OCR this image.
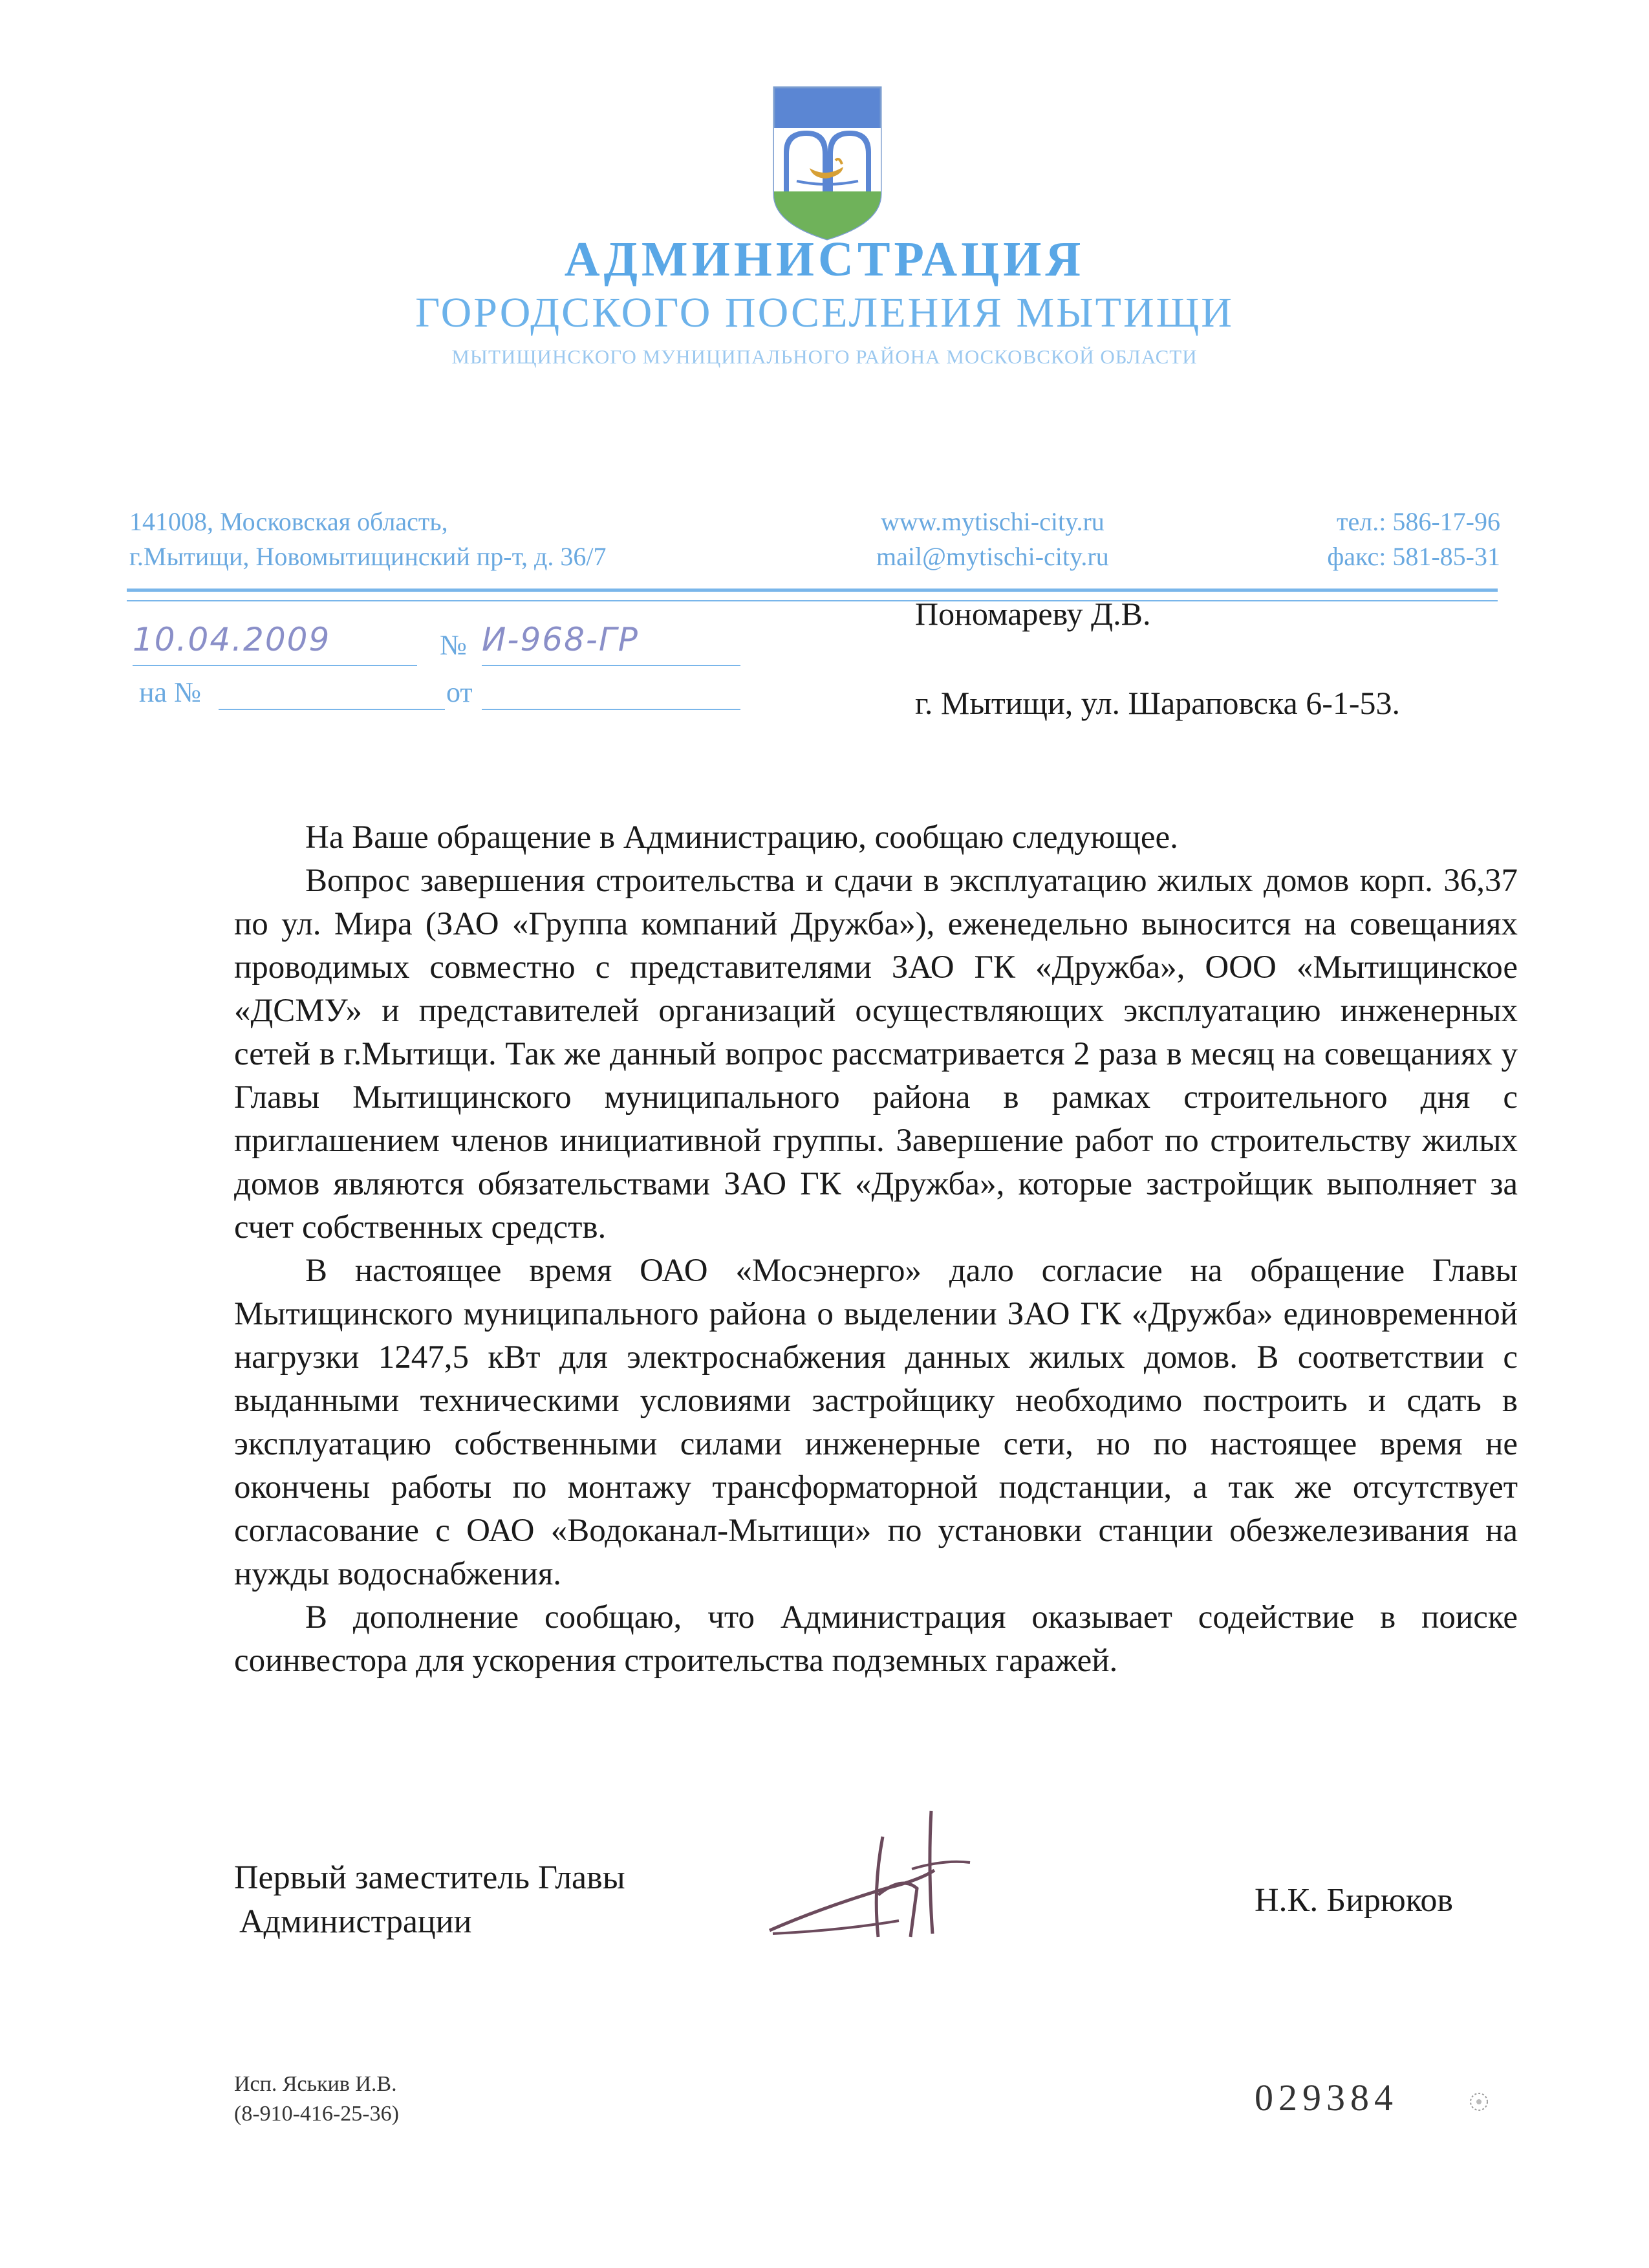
АДМИНИСТРАЦИЯ
ГОРОДСКОГО ПОСЕЛЕНИЯ МЫТИЩИ
МЫТИЩИНСКОГО МУНИЦИПАЛЬНОГО РАЙОНА МОСКОВСКОЙ ОБЛАСТИ
141008, Московская область,
г.Мытищи, Новомытищинский пр-т, д. 36/7
www.mytischi-city.ru
mail@mytischi-city.ru
тел.: 586-17-96
факс: 581-85-31
10.04.2009	№ И-968-ГР
на №	от
Пономареву Д.В.
г. Мытищи, ул. Шараповска 6-1-53.

На Ваше обращение в Администрацию, сообщаю следующее.

Вопрос завершения строительства и сдачи в эксплуатацию жилых домов корп. 36,37 по ул. Мира (ЗАО «Группа компаний Дружба»), еженедельно выносится на совещаниях проводимых совместно с представителями ЗАО ГК «Дружба», ООО «Мытищинское «ДСМУ» и представителей организаций осуществляющих эксплуатацию инженерных сетей в г.Мытищи. Так же данный вопрос рассматривается 2 раза в месяц на совещаниях у Главы Мытищинского муниципального района в рамках строительного дня с приглашением членов инициативной группы. Завершение работ по строительству жилых домов являются обязательствами ЗАО ГК «Дружба», которые застройщик выполняет за счет собственных средств.

В настоящее время ОАО «Мосэнерго» дало согласие на обращение Главы Мытищинского муниципального района о выделении ЗАО ГК «Дружба» единовременной нагрузки 1247,5 кВт для электроснабжения данных жилых домов. В соответствии с выданными техническими условиями застройщику необходимо построить и сдать в эксплуатацию собственными силами инженерные сети, но по настоящее время не окончены работы по монтажу трансформаторной подстанции, а так же отсутствует согласование с ОАО «Водоканал-Мытищи» по установки станции обезжелезивания на нужды водоснабжения.

В дополнение сообщаю, что Администрация оказывает содействие в поиске соинвестора для ускорения строительства подземных гаражей.

Первый заместитель Главы
Администрации
Н.К. Бирюков
Исп. Яськив И.В.
(8-910-416-25-36)	029384
